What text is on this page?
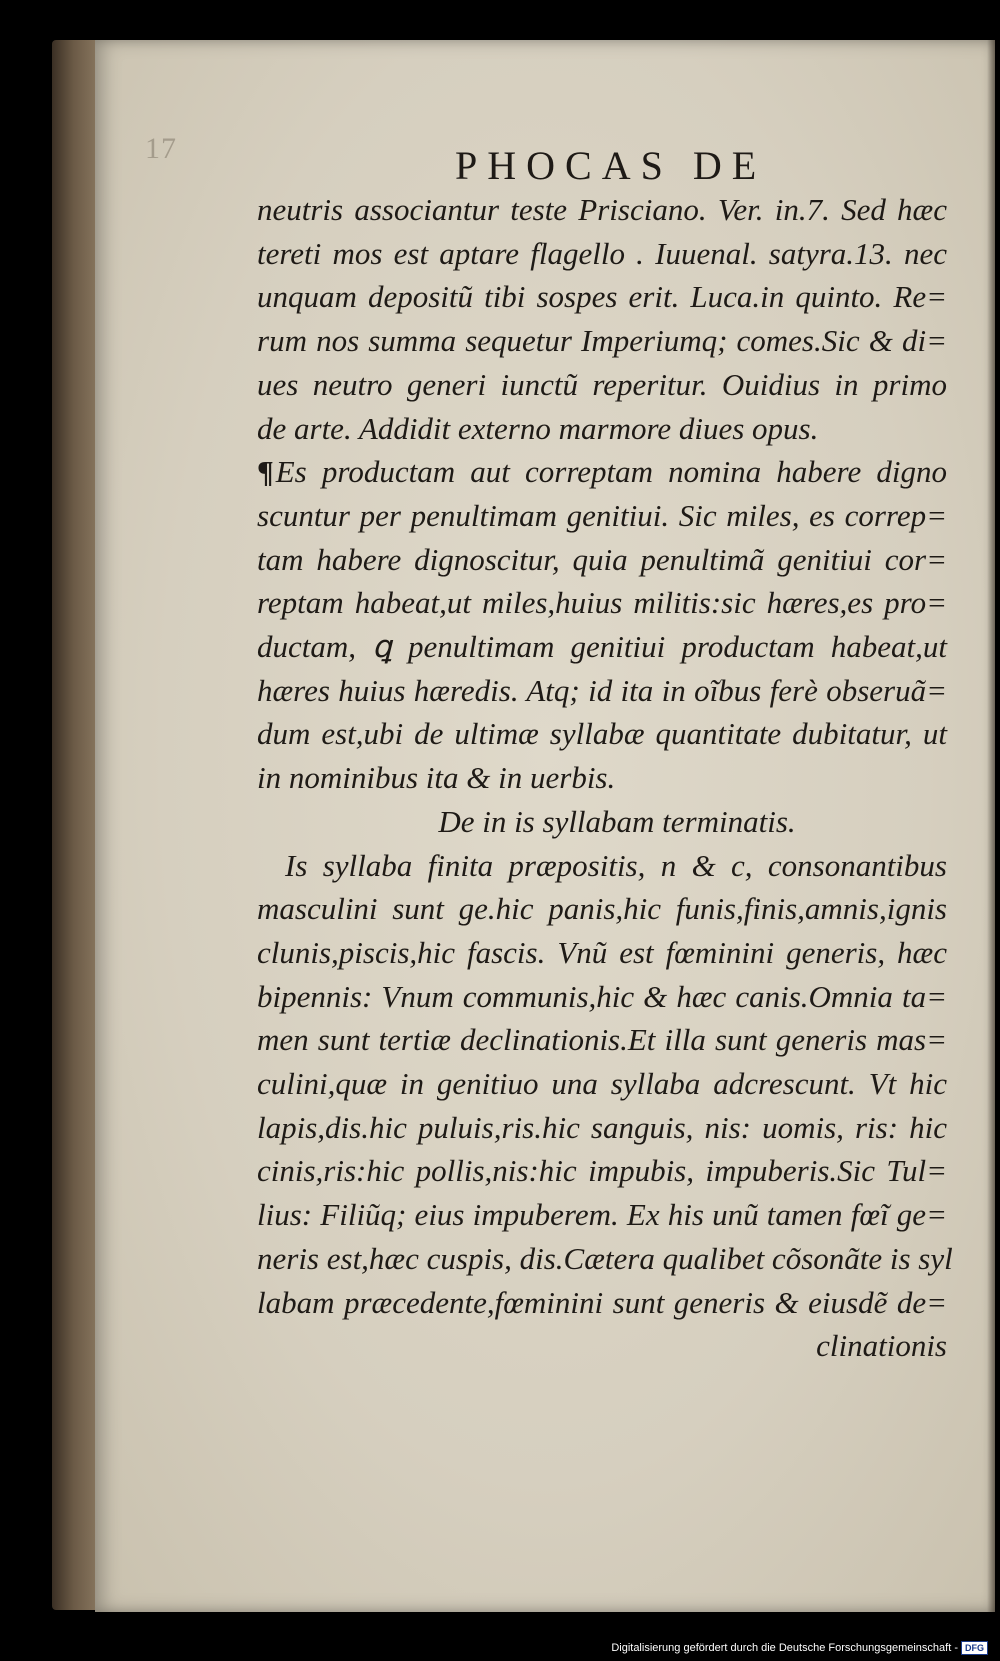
17	PHOCAS DE
neutris associantur teste Prisciano. Ver. in.7. Sed hæc
tereti mos est aptare flagello . Iuuenal. satyra.13. nec
unquam depositũ tibi sospes erit. Luca.in quinto. Re=
rum nos summa sequetur Imperiumq; comes.Sic & di=
ues neutro generi iunctũ reperitur. Ouidius in primo
de arte. Addidit externo marmore diues opus.
¶Es productam aut correptam nomina habere digno
scuntur per penultimam genitiui. Sic miles, es correp=
tam habere dignoscitur, quia penultimã genitiui cor=
reptam habeat,ut miles,huius militis:sic hæres,es pro=
ductam, ꝗ penultimam genitiui productam habeat,ut
hæres huius hæredis. Atq; id ita in oĩbus ferè obseruã=
dum est,ubi de ultimæ syllabæ quantitate dubitatur, ut
in nominibus ita & in uerbis.
De in is syllabam terminatis.
Is syllaba finita præpositis, n & c, consonantibus
masculini sunt ge.hic panis,hic funis,finis,amnis,ignis
clunis,piscis,hic fascis. Vnũ est fœminini generis, hæc
bipennis: Vnum communis,hic & hæc canis.Omnia ta=
men sunt tertiæ declinationis.Et illa sunt generis mas=
culini,quæ in genitiuo una syllaba adcrescunt. Vt hic
lapis,dis.hic puluis,ris.hic sanguis, nis: uomis, ris: hic
cinis,ris:hic pollis,nis:hic impubis, impuberis.Sic Tul=
lius: Filiũq; eius impuberem. Ex his unũ tamen fœĩ ge=
neris est,hæc cuspis, dis.Cætera qualibet cõsonãte is syl
labam præcedente,fœminini sunt generis & eiusdẽ de=
clinationis
Digitalisierung gefördert durch die Deutsche Forschungsgemeinschaft - DFG
